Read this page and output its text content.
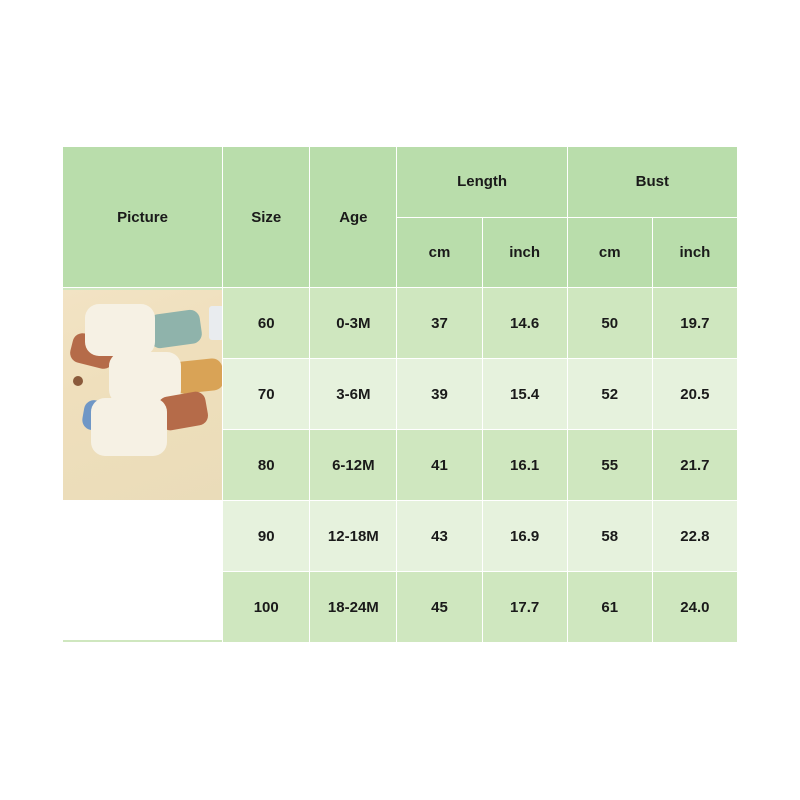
Picture	Size	Age	Length		Bust	
			cm	inch	cm	inch

	60	0-3M	37	14.6	50	19.7
	70	3-6M	39	15.4	52	20.5
	80	6-12M	41	16.1	55	21.7
	90	12-18M	43	16.9	58	22.8
	100	18-24M	45	17.7	61	24.0
